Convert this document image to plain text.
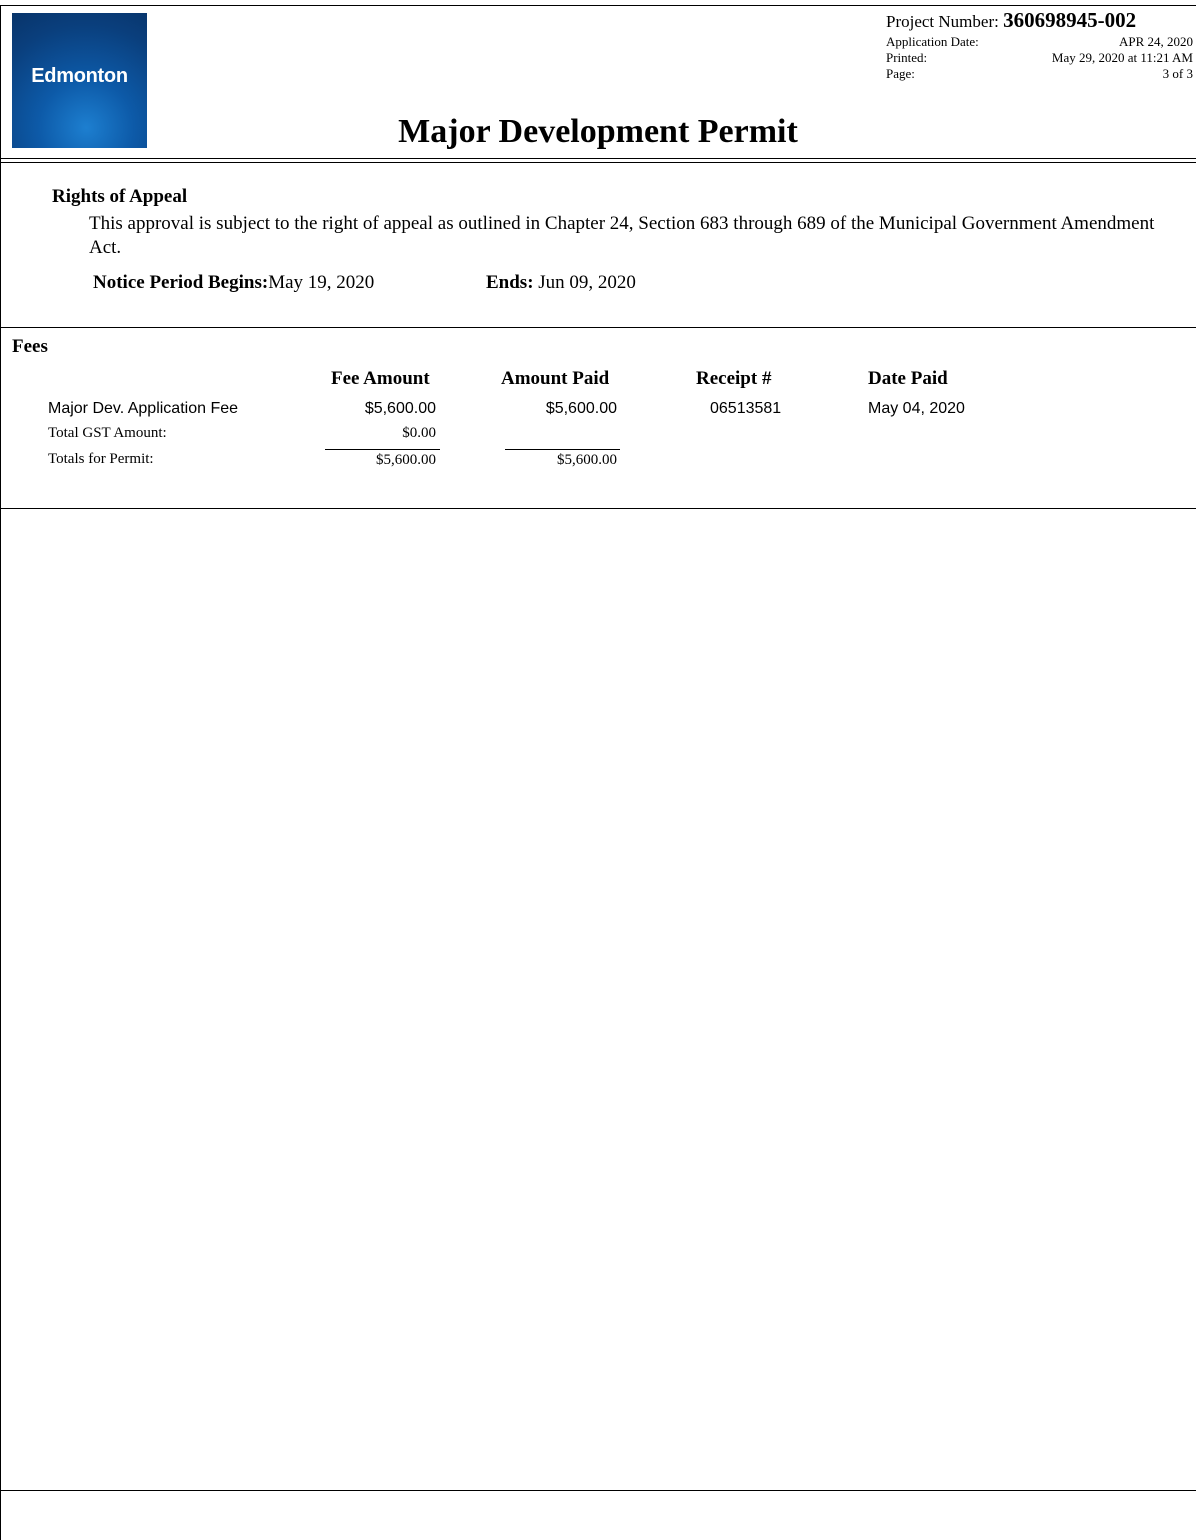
Edmonton
Project Number: 360698945-002
Application Date:	APR 24, 2020
Printed:	May 29, 2020 at 11:21 AM
Page:	3 of 3
Major Development Permit
Rights of Appeal
This approval is subject to the right of appeal as outlined in Chapter 24, Section 683 through 689 of the Municipal Government Amendment Act.
Notice Period Begins:May 19, 2020	Ends: Jun 09, 2020
Fees
Fee Amount	Amount Paid	Receipt #	Date Paid
Major Dev. Application Fee	$5,600.00	$5,600.00	06513581	May 04, 2020
Total GST Amount:	$0.00
Totals for Permit:	$5,600.00	$5,600.00
